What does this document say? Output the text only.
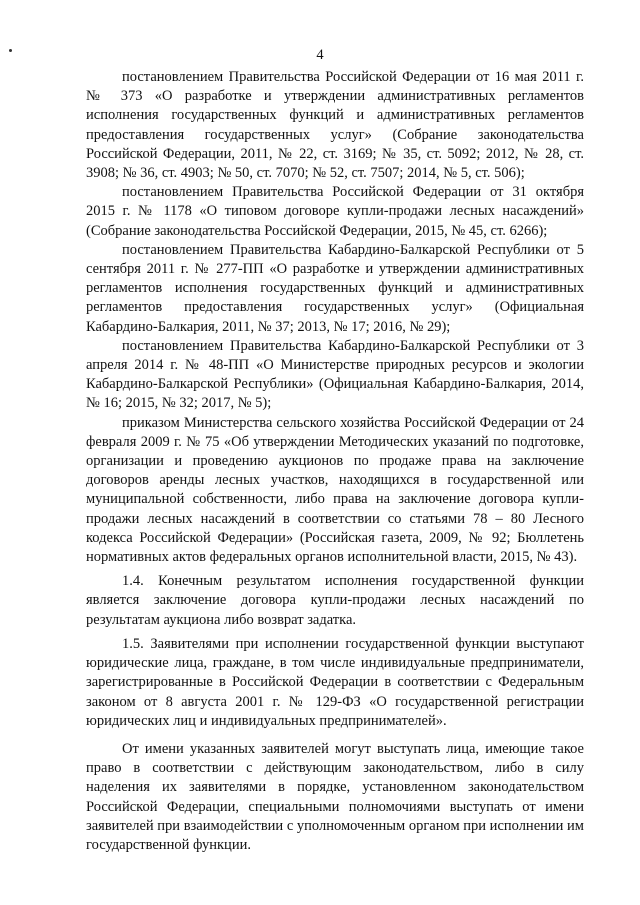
4

постановлением Правительства Российской Федерации от 16 мая 2011 г. № 373 «О разработке и утверждении административных регламентов исполнения государственных функций и административных регламентов предоставления государственных услуг» (Собрание законодательства Российской Федерации, 2011, № 22, ст. 3169; № 35, ст. 5092; 2012, № 28, ст. 3908; № 36, ст. 4903; № 50, ст. 7070; № 52, ст. 7507; 2014, № 5, ст. 506);

постановлением Правительства Российской Федерации от 31 октября 2015 г. № 1178 «О типовом договоре купли-продажи лесных насаждений» (Собрание законодательства Российской Федерации, 2015, № 45, ст. 6266);

постановлением Правительства Кабардино-Балкарской Республики от 5 сентября 2011 г. № 277-ПП «О разработке и утверждении административных регламентов исполнения государственных функций и административных регламентов предоставления государственных услуг» (Официальная Кабардино-Балкария, 2011, № 37; 2013, № 17; 2016, № 29);

постановлением Правительства Кабардино-Балкарской Республики от 3 апреля 2014 г. № 48-ПП «О Министерстве природных ресурсов и экологии Кабардино-Балкарской Республики» (Официальная Кабардино-Балкария, 2014, № 16; 2015, № 32; 2017, № 5);

приказом Министерства сельского хозяйства Российской Федерации от 24 февраля 2009 г. № 75 «Об утверждении Методических указаний по подготовке, организации и проведению аукционов по продаже права на заключение договоров аренды лесных участков, находящихся в государственной или муниципальной собственности, либо права на заключение договора купли-продажи лесных насаждений в соответствии со статьями 78 – 80 Лесного кодекса Российской Федерации» (Российская газета, 2009, № 92; Бюллетень нормативных актов федеральных органов исполнительной власти, 2015, № 43).

1.4. Конечным результатом исполнения государственной функции является заключение договора купли-продажи лесных насаждений по результатам аукциона либо возврат задатка.

1.5. Заявителями при исполнении государственной функции выступают юридические лица, граждане, в том числе индивидуальные предприниматели, зарегистрированные в Российской Федерации в соответствии с Федеральным законом от 8 августа 2001 г. № 129-ФЗ «О государственной регистрации юридических лиц и индивидуальных предпринимателей».

От имени указанных заявителей могут выступать лица, имеющие такое право в соответствии с действующим законодательством, либо в силу наделения их заявителями в порядке, установленном законодательством Российской Федерации, специальными полномочиями выступать от имени заявителей при взаимодействии с уполномоченным органом при исполнении им государственной функции.
